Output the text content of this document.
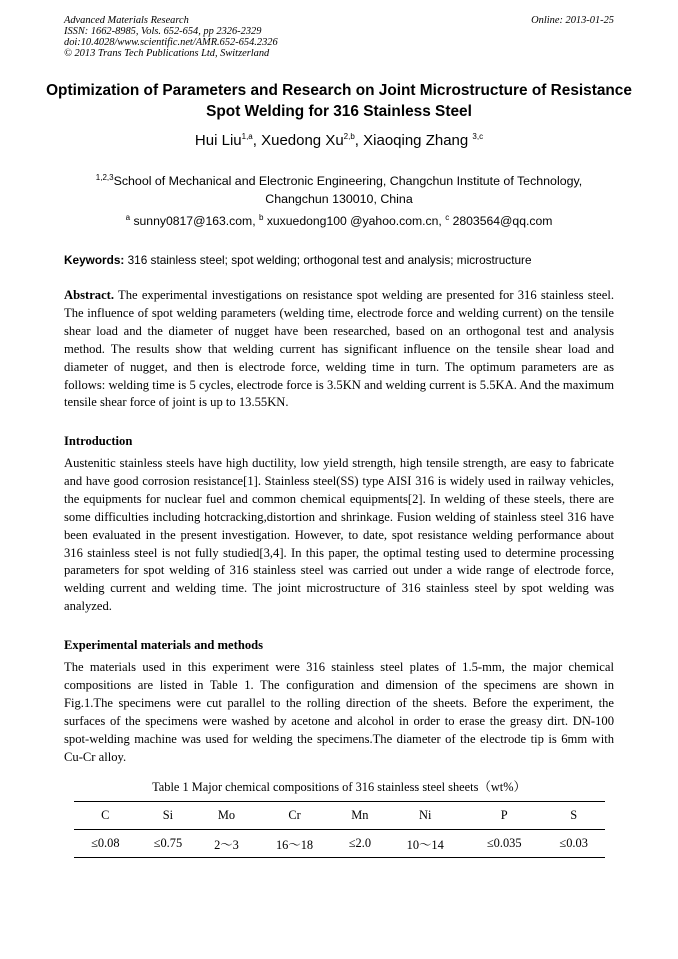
Advanced Materials Research
ISSN: 1662-8985, Vols. 652-654, pp 2326-2329
doi:10.4028/www.scientific.net/AMR.652-654.2326
© 2013 Trans Tech Publications Ltd, Switzerland
Online: 2013-01-25
Optimization of Parameters and Research on Joint Microstructure of Resistance Spot Welding for 316 Stainless Steel
Hui Liu$^{1,a}$, Xuedong Xu$^{2,b}$, Xiaoqing Zhang $^{3,c}$
$^{1,2,3}$School of Mechanical and Electronic Engineering, Changchun Institute of Technology,
Changchun 130010, China
$^a$ sunny0817@163.com, $^b$ xuxuedong100 @yahoo.com.cn, $^c$ 2803564@qq.com
Keywords: 316 stainless steel; spot welding; orthogonal test and analysis; microstructure
Abstract. The experimental investigations on resistance spot welding are presented for 316 stainless steel. The influence of spot welding parameters (welding time, electrode force and welding current) on the tensile shear load and the diameter of nugget have been researched, based on an orthogonal test and analysis method. The results show that welding current has significant influence on the tensile shear load and diameter of nugget, and then is electrode force, welding time in turn. The optimum parameters are as follows: welding time is 5 cycles, electrode force is 3.5KN and welding current is 5.5KA. And the maximum tensile shear force of joint is up to 13.55KN.
Introduction
Austenitic stainless steels have high ductility, low yield strength, high tensile strength, are easy to fabricate and have good corrosion resistance[1]. Stainless steel(SS) type AISI 316 is widely used in railway vehicles, the equipments for nuclear fuel and common chemical equipments[2]. In welding of these steels, there are some difficulties including hotcracking,distortion and shrinkage. Fusion welding of stainless steel 316 have been evaluated in the present investigation. However, to date, spot resistance welding performance about 316 stainless steel is not fully studied[3,4]. In this paper, the optimal testing used to determine processing parameters for spot welding of 316 stainless steel was carried out under a wide range of electrode force, welding current and welding time. The joint microstructure of 316 stainless steel by spot welding was analyzed.
Experimental materials and methods
The materials used in this experiment were 316 stainless steel plates of 1.5-mm, the major chemical compositions are listed in Table 1. The configuration and dimension of the specimens are shown in Fig.1.The specimens were cut parallel to the rolling direction of the sheets. Before the experiment, the surfaces of the specimens were washed by acetone and alcohol in order to erase the greasy dirt. DN-100 spot-welding machine was used for welding the specimens.The diameter of the electrode tip is 6mm with Cu-Cr alloy.
Table 1 Major chemical compositions of 316 stainless steel sheets（wt%）
C	Si	Mo	Cr	Mn	Ni	P	S
≤0.08	≤0.75	2～3	16～18	≤2.0	10～14	≤0.035	≤0.03
